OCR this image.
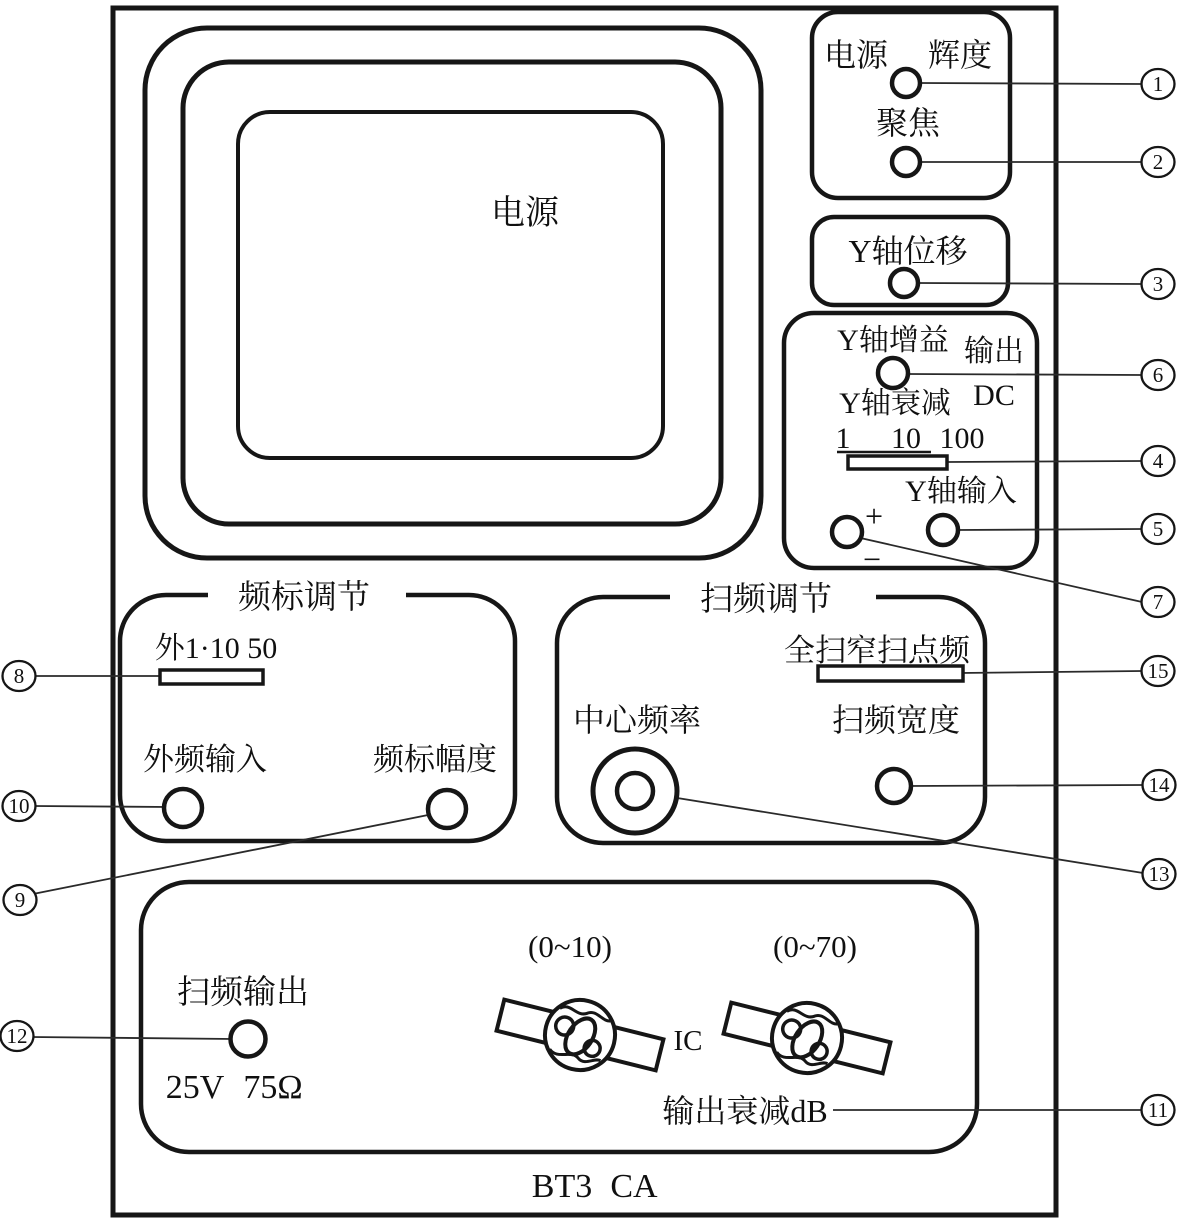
电源
电源 辉度
聚焦
Y轴位移
Y轴增益 输出
Y轴衰减 DC
1 10 100
Y轴输入
+
−
频标调节
外1·10 50
外频输入	频标幅度
扫频调节
全扫窄扫点频
中心频率	扫频宽度
扫频输出
25V 75Ω
(0~10)	(0~70)
IC
输出衰减dB
BT3 CA
1
2
3
6
4
5
7
15
14
13
11
8
10
9
12
